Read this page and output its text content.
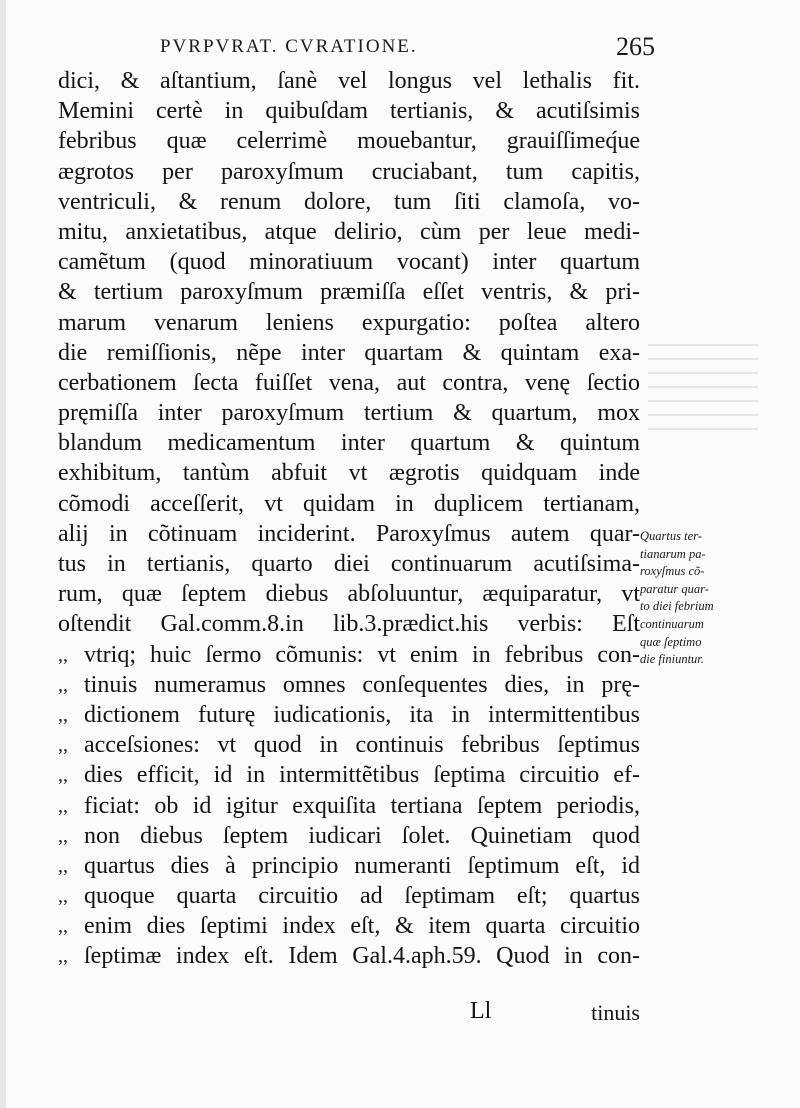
PVRPVRAT. CVRATIONE.	265
dici, & aſtantium, ſanè vel longus vel lethalis fit.
Memini certè in quibuſdam tertianis, & acutiſsimis
febribus quæ celerrimè mouebantur, grauiſſimeq́ue
ægrotos per paroxyſmum cruciabant, tum capitis,
ventriculi, & renum dolore, tum ſiti clamoſa, vo-
mitu, anxietatibus, atque delirio, cùm per leue medi-
camẽtum (quod minoratiuum vocant) inter quartum
& tertium paroxyſmum præmiſſa eſſet ventris, & pri-
marum venarum leniens expurgatio: poſtea altero
die remiſſionis, nẽpe inter quartam & quintam exa-
cerbationem ſecta fuiſſet vena, aut contra, venę ſectio
pręmiſſa inter paroxyſmum tertium & quartum, mox
blandum medicamentum inter quartum & quintum
exhibitum, tantùm abfuit vt ægrotis quidquam inde
cõmodi acceſſerit, vt quidam in duplicem tertianam,
alij in cõtinuam inciderint. Paroxyſmus autem quar-
tus in tertianis, quarto diei continuarum acutiſsima-
rum, quæ ſeptem diebus abſoluuntur, æquiparatur, vt
oſtendit Gal.comm.8.in lib.3.prædict.his verbis: Eſt
,, vtriq; huic ſermo cõmunis: vt enim in febribus con-
,, tinuis numeramus omnes conſequentes dies, in prę-
,, dictionem futurę iudicationis, ita in intermittentibus
,, acceſsiones: vt quod in continuis febribus ſeptimus
,, dies efficit, id in intermittẽtibus ſeptima circuitio ef-
,, ficiat: ob id igitur exquiſita tertiana ſeptem periodis,
,, non diebus ſeptem iudicari ſolet. Quinetiam quod
,, quartus dies à principio numeranti ſeptimum eſt, id
,, quoque quarta circuitio ad ſeptimam eſt; quartus
,, enim dies ſeptimi index eſt, & item quarta circuitio
,, ſeptimæ index eſt. Idem Gal.4.aph.59. Quod in con-
Quartus ter-
tianarum pa-
roxyſmus cõ-
paratur quar-
to diei febrium
continuarum
quæ ſeptimo
die finiuntur.
Ll	tinuis
